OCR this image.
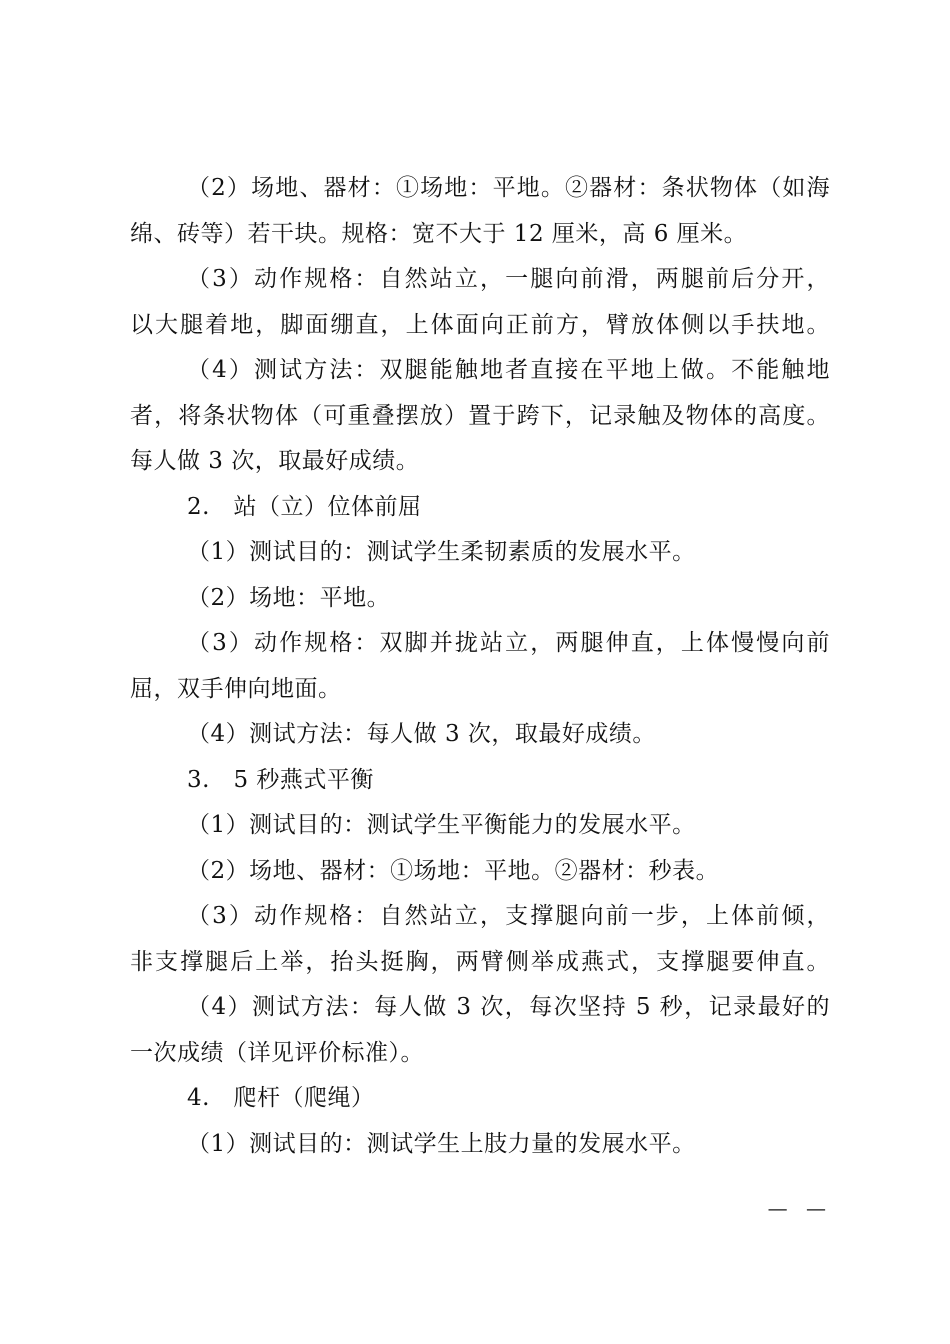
（2）场地、器材：①场地：平地。②器材：条状物体（如海
绵、砖等）若干块。规格：宽不大于 12 厘米，高 6 厘米。
（3）动作规格：自然站立，一腿向前滑，两腿前后分开，
以大腿着地，脚面绷直，上体面向正前方，臂放体侧以手扶地。
（4）测试方法：双腿能触地者直接在平地上做。不能触地
者，将条状物体（可重叠摆放）置于跨下，记录触及物体的高度。
每人做 3 次，取最好成绩。
2.　站（立）位体前屈
（1）测试目的：测试学生柔韧素质的发展水平。
（2）场地：平地。
（3）动作规格：双脚并拢站立，两腿伸直，上体慢慢向前
屈，双手伸向地面。
（4）测试方法：每人做 3 次，取最好成绩。
3.　5 秒燕式平衡
（1）测试目的：测试学生平衡能力的发展水平。
（2）场地、器材：①场地：平地。②器材：秒表。
（3）动作规格：自然站立，支撑腿向前一步，上体前倾，
非支撑腿后上举，抬头挺胸，两臂侧举成燕式，支撑腿要伸直。
（4）测试方法：每人做 3 次，每次坚持 5 秒，记录最好的
一次成绩（详见评价标准）。
4.　爬杆（爬绳）
（1）测试目的：测试学生上肢力量的发展水平。
— —
